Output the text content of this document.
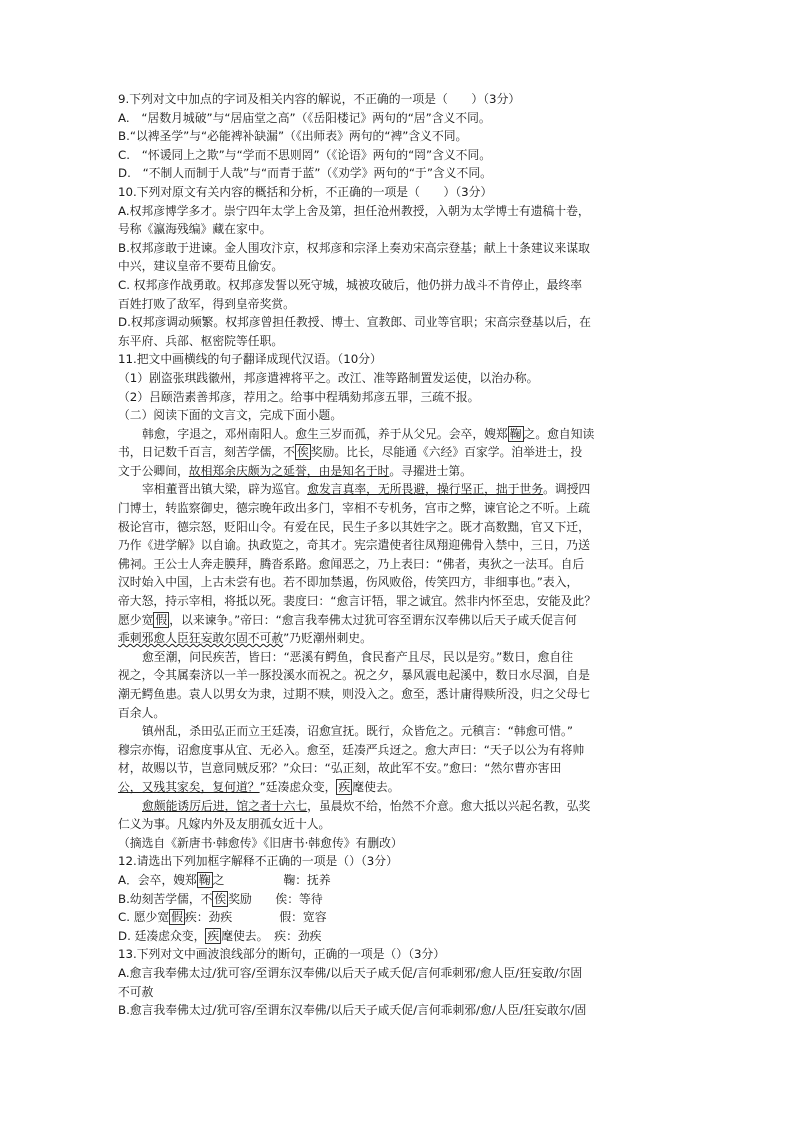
9.下列对文中加点的字词及相关内容的解说，不正确的一项是（　　）（3分）
A.　“居数月城破”与“居庙堂之高”（《岳阳楼记》两句的“居”含义不同。
B.“以裨圣学”与“必能裨补缺漏”（《出师表》两句的“裨”含义不同。
C.　“怀谖同上之欺”与“学而不思则罔”（《论语》两句的“罔”含义不同。
D.　“不制人而制于人哉”与“而青于蓝”（《劝学》两句的“于”含义不同。
10.下列对原文有关内容的概括和分析，不正确的一项是（　　）（3分）
A.权邦彦博学多才。崇宁四年太学上舍及第，担任沧州教授，入朝为太学博士有遗稿十卷，
号称《瀛海残编》藏在家中。
B.权邦彦敢于进谏。金人围攻汴京，权邦彦和宗泽上奏劝宋高宗登基；献上十条建议来谋取
中兴，建议皇帝不要苟且偷安。
C. 权邦彦作战勇敢。权邦彦发誓以死守城，城被攻破后，他仍拼力战斗不肯停止，最终率
百姓打败了敌军，得到皇帝奖赏。
D.权邦彦调动频繁。权邦彦曾担任教授、博士、宣教郎、司业等官职；宋高宗登基以后，在
东平府、兵部、枢密院等任职。
11.把文中画横线的句子翻译成现代汉语。（10分）
（1）剧盗张琪践徽州，邦彦遣裨将平之。改江、准等路制置发运使，以治办称。
（2）吕颐浩素善邦彦，荐用之。给事中程瑀劾邦彦五罪，三疏不报。
（二）阅读下面的文言文，完成下面小题。
韩愈，字退之，邓州南阳人。愈生三岁而孤，养于从父兄。会卒，嫂郑 鞠 之。愈自知读
书，日记数千百言，刻苦学儒，不 俟 奖励。比长，尽能通《六经》百家学。洎举进士，投
文于公卿间，故相郑余庆颇为之延誉，由是知名于时。寻擢进士第。
宰相董晋出镇大梁，辟为巡官。愈发言真率，无所畏避，操行坚正，拙于世务。调授四
门博士，转监察御史，德宗晚年政出多门，宰相不专机务，宫市之弊，谏官论之不听。上疏
极论宫市，德宗怒，贬阳山令。有爱在民，民生子多以其姓字之。既才高数黜，官又下迁，
乃作《进学解》以自谕。执政览之，奇其才。宪宗遣使者往凤翔迎佛骨入禁中，三日，乃送
佛祠。王公士人奔走膜拜，腾沓系路。愈闻恶之，乃上表曰：“佛者，夷狄之一法耳。自后
汉时始入中国，上古未尝有也。若不即加禁遏，伤风败俗，传笑四方，非细事也。”表入，
帝大怒，持示宰相，将抵以死。裴度曰：“愈言讦牾，罪之诚宜。然非内怀至忠，安能及此？
愿少宽 假 ，以来谏争。”帝曰：“愈言我奉佛太过犹可容至谓东汉奉佛以后天子咸夭促言何
乖刺邪愈人臣狂妄敢尔固不可赦”乃贬潮州刺史。
愈至潮，问民疾苦，皆曰：“恶溪有鳄鱼，食民畜产且尽，民以是穷。”数日，愈自往
视之，令其属秦济以一羊一豚投溪水而祝之。祝之夕，暴风震电起溪中，数日水尽涸，自是
潮无鳄鱼患。袁人以男女为隶，过期不赎，则没入之。愈至，悉计庸得赎所没，归之父母七
百余人。
镇州乱，杀田弘正而立王廷凑，诏愈宣抚。既行，众皆危之。元稹言：“韩愈可惜。”
穆宗亦悔，诏愈度事从宜、无必入。愈至，廷凑严兵迓之。愈大声曰：“天子以公为有将帅
材，故赐以节，岂意同贼反邪？”众曰：“弘正刻，故此军不安。”愈曰：“然尔曹亦害田
公，又残其家矣，复何道？”廷凑虑众变， 疾 麾使去。
愈颇能诱厉后进，馆之者十六七，虽晨炊不给，怡然不介意。愈大抵以兴起名教，弘奖
仁义为事。凡嫁内外及友朋孤女近十人。
（摘选自《新唐书·韩愈传》《旧唐书·韩愈传》有删改）
12.请选出下列加框字解释不正确的一项是（）（3分）
A．会卒，嫂郑 鞠 之　　　　　鞠：抚养
B.幼刻苦学儒，不 俟 奖励　　俟：等待
C. 愿少宽 假 疾：劲疾　　　　假：宽容
D. 廷凑虑众变， 疾 麾使去。　疾：劲疾
13.下列对文中画波浪线部分的断句，正确的一项是（）（3分）
A.愈言我奉佛太过/犹可容/至谓东汉奉佛/以后天子咸夭促/言何乖刺邪/愈人臣/狂妄敢/尔固
不可赦
B.愈言我奉佛太过/犹可容/至谓东汉奉佛/以后天子咸夭促/言何乖刺邪/愈/人臣/狂妄敢尔/固
